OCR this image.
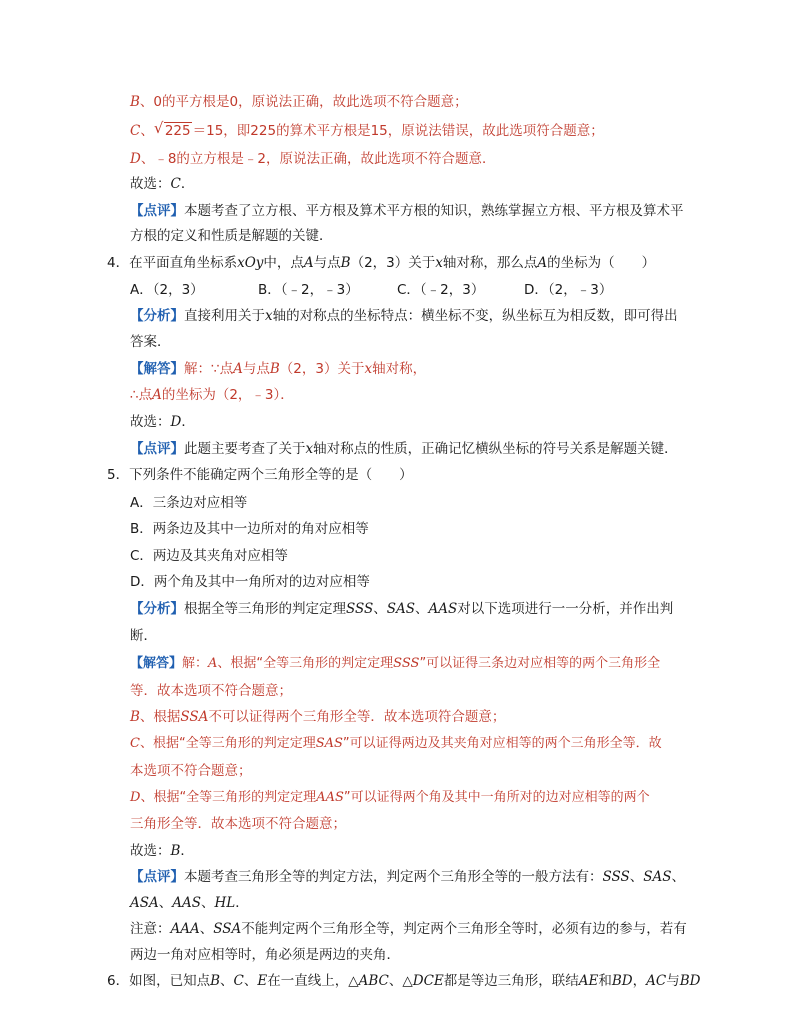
B、0的平方根是0，原说法正确，故此选项不符合题意；
C、 √ 225 ＝15，即225的算术平方根是15，原说法错误，故此选项符合题意；
D、﹣8的立方根是﹣2，原说法正确，故此选项不符合题意．
故选：C．
【点评】本题考查了立方根、平方根及算术平方根的知识，熟练掌握立方根、平方根及算术平
方根的定义和性质是解题的关键．
4．在平面直角坐标系xOy中，点A与点B（2，3）关于x轴对称，那么点A的坐标为（　　）
A．（2，3）	B．（﹣2，﹣3）	C．（﹣2，3）	D．（2，﹣3）
【分析】直接利用关于x轴的对称点的坐标特点：横坐标不变，纵坐标互为相反数，即可得出
答案．
【解答】解：∵点A与点B（2，3）关于x轴对称，
∴点A的坐标为（2，﹣3）．
故选：D．
【点评】此题主要考查了关于x轴对称点的性质，正确记忆横纵坐标的符号关系是解题关键．
5．下列条件不能确定两个三角形全等的是（　　）
A．三条边对应相等
B．两条边及其中一边所对的角对应相等
C．两边及其夹角对应相等
D．两个角及其中一角所对的边对应相等
【分析】根据全等三角形的判定定理SSS、SAS、AAS对以下选项进行一一分析，并作出判
断．
【解答】解：A、根据“全等三角形的判定定理SSS”可以证得三条边对应相等的两个三角形全
等．故本选项不符合题意；
B、根据SSA不可以证得两个三角形全等．故本选项符合题意；
C、根据“全等三角形的判定定理SAS”可以证得两边及其夹角对应相等的两个三角形全等．故
本选项不符合题意；
D、根据“全等三角形的判定定理AAS”可以证得两个角及其中一角所对的边对应相等的两个
三角形全等．故本选项不符合题意；
故选：B．
【点评】本题考查三角形全等的判定方法，判定两个三角形全等的一般方法有：SSS、SAS、
ASA、AAS、HL．
注意：AAA、SSA不能判定两个三角形全等，判定两个三角形全等时，必须有边的参与，若有
两边一角对应相等时，角必须是两边的夹角．
6．如图，已知点B、C、E在一直线上，△ABC、△DCE都是等边三角形，联结AE和BD，AC与BD
